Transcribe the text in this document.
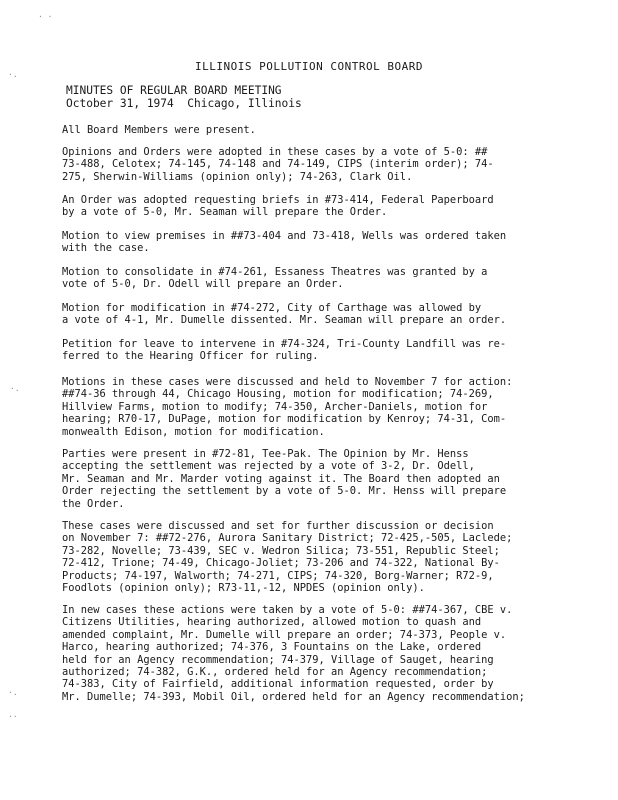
· ·
·.
·.
·.
··
ILLINOIS POLLUTION CONTROL BOARD
MINUTES OF REGULAR BOARD MEETING
October 31, 1974  Chicago, Illinois
All Board Members were present.
Opinions and Orders were adopted in these cases by a vote of 5-0: ##
73-488, Celotex; 74-145, 74-148 and 74-149, CIPS (interim order); 74-
275, Sherwin-Williams (opinion only); 74-263, Clark Oil.
An Order was adopted requesting briefs in #73-414, Federal Paperboard
by a vote of 5-0, Mr. Seaman will prepare the Order.
Motion to view premises in ##73-404 and 73-418, Wells was ordered taken
with the case.
Motion to consolidate in #74-261, Essaness Theatres was granted by a
vote of 5-0, Dr. Odell will prepare an Order.
Motion for modification in #74-272, City of Carthage was allowed by
a vote of 4-1, Mr. Dumelle dissented. Mr. Seaman will prepare an order.
Petition for leave to intervene in #74-324, Tri-County Landfill was re-
ferred to the Hearing Officer for ruling.
Motions in these cases were discussed and held to November 7 for action:
##74-36 through 44, Chicago Housing, motion for modification; 74-269,
Hillview Farms, motion to modify; 74-350, Archer-Daniels, motion for
hearing; R70-17, DuPage, motion for modification by Kenroy; 74-31, Com-
monwealth Edison, motion for modification.
Parties were present in #72-81, Tee-Pak. The Opinion by Mr. Henss
accepting the settlement was rejected by a vote of 3-2, Dr. Odell,
Mr. Seaman and Mr. Marder voting against it. The Board then adopted an
Order rejecting the settlement by a vote of 5-0. Mr. Henss will prepare
the Order.
These cases were discussed and set for further discussion or decision
on November 7: ##72-276, Aurora Sanitary District; 72-425,-505, Laclede;
73-282, Novelle; 73-439, SEC v. Wedron Silica; 73-551, Republic Steel;
72-412, Trione; 74-49, Chicago-Joliet; 73-206 and 74-322, National By-
Products; 74-197, Walworth; 74-271, CIPS; 74-320, Borg-Warner; R72-9,
Foodlots (opinion only); R73-11,-12, NPDES (opinion only).
In new cases these actions were taken by a vote of 5-0: ##74-367, CBE v.
Citizens Utilities, hearing authorized, allowed motion to quash and
amended complaint, Mr. Dumelle will prepare an order; 74-373, People v.
Harco, hearing authorized; 74-376, 3 Fountains on the Lake, ordered
held for an Agency recommendation; 74-379, Village of Sauget, hearing
authorized; 74-382, G.K., ordered held for an Agency recommendation;
74-383, City of Fairfield, additional information requested, order by
Mr. Dumelle; 74-393, Mobil Oil, ordered held for an Agency recommendation;
